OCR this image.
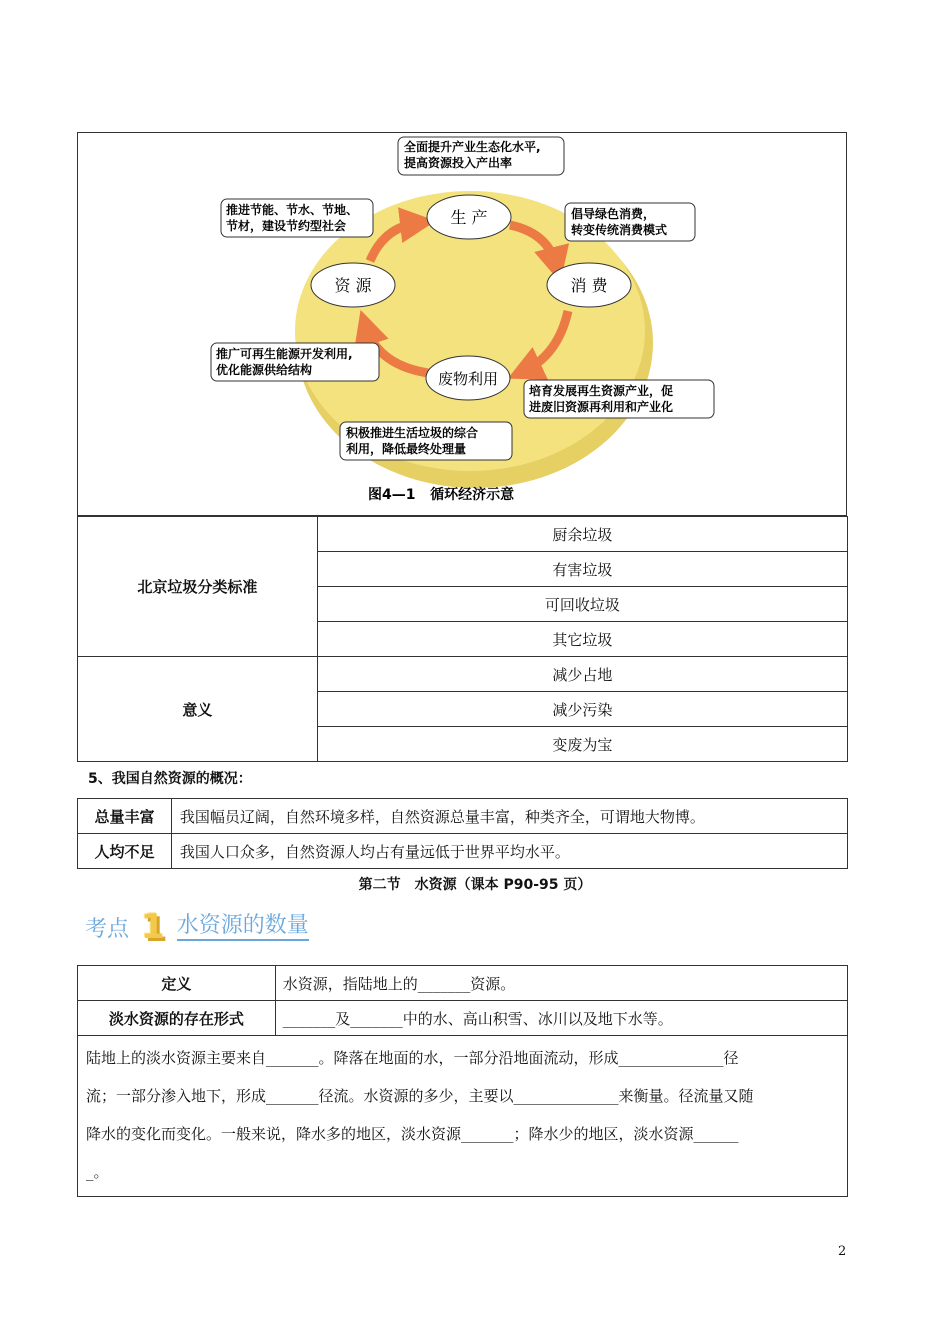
生 产
消 费
资 源
废物利用
全面提升产业生态化水平,
提高资源投入产出率
推进节能、节水、节地、
节材，建设节约型社会
倡导绿色消费，
转变传统消费模式
推广可再生能源开发利用,
优化能源供给结构
培育发展再生资源产业，促
进废旧资源再利用和产业化
积极推进生活垃圾的综合
利用，降低最终处理量
图4—1   循环经济示意
北京垃圾分类标准	厨余垃圾
	有害垃圾
	可回收垃圾
	其它垃圾
意义	减少占地
	减少污染
	变废为宝
5、我国自然资源的概况：
总量丰富	我国幅员辽阔，自然环境多样，自然资源总量丰富，种类齐全，可谓地大物博。
人均不足	我国人口众多，自然资源人均占有量远低于世界平均水平。
第二节　水资源（课本 P90-95 页）
考点 1 水资源的数量
定义	水资源，指陆地上的_______资源。
淡水资源的存在形式	_______及_______中的水、高山积雪、冰川以及地下水等。

陆地上的淡水资源主要来自_______。降落在地面的水，一部分沿地面流动，形成______________径
流；一部分渗入地下，形成_______径流。水资源的多少，主要以______________来衡量。径流量又随
降水的变化而变化。一般来说，降水多的地区，淡水资源_______；降水少的地区，淡水资源______
_。	
2
